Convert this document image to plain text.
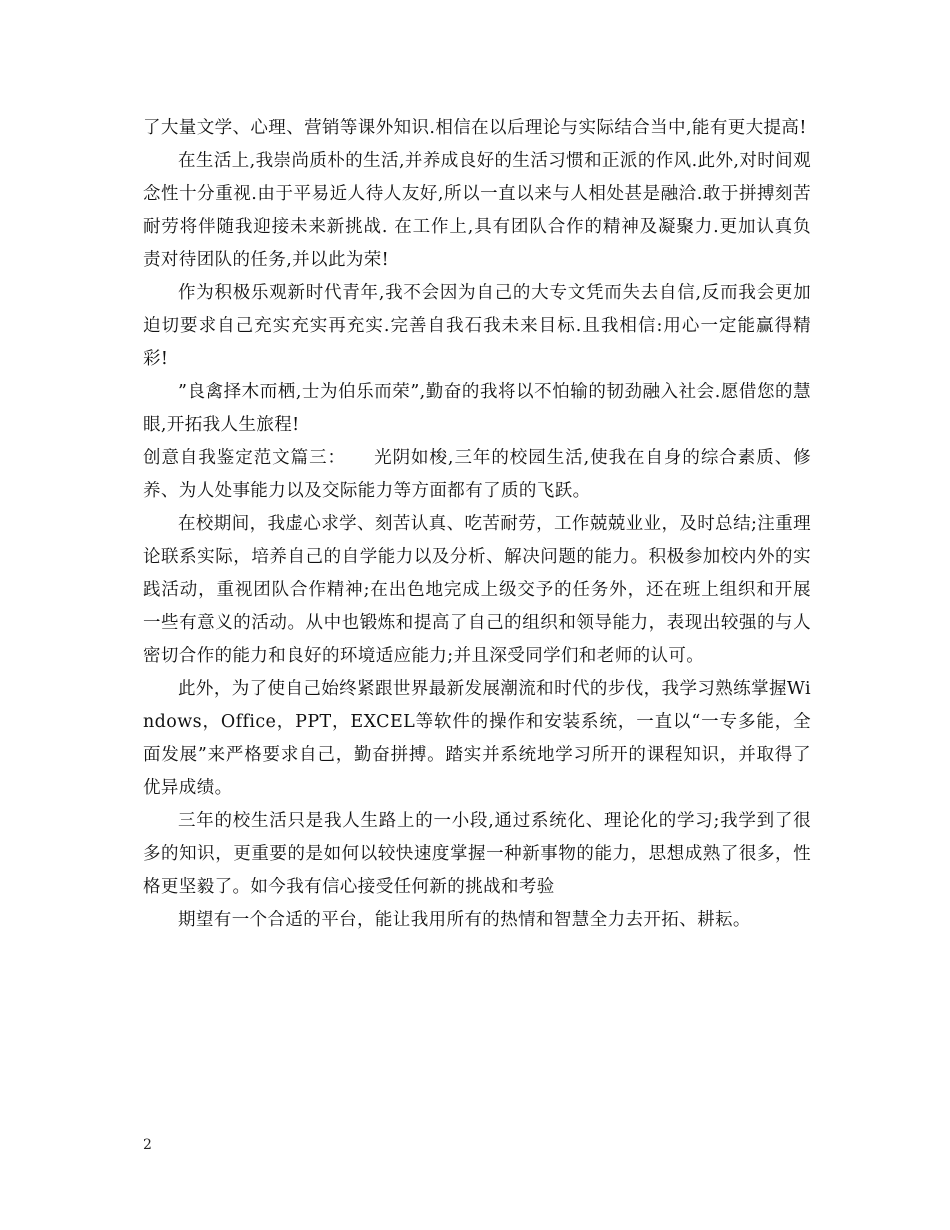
了大量文学、心理、营销等课外知识.相信在以后理论与实际结合当中,能有更大提高!

在生活上,我崇尚质朴的生活,并养成良好的生活习惯和正派的作风.此外,对时间观念性十分重视.由于平易近人待人友好,所以一直以来与人相处甚是融洽.敢于拼搏刻苦耐劳将伴随我迎接未来新挑战. 在工作上,具有团队合作的精神及凝聚力.更加认真负责对待团队的任务,并以此为荣!

作为积极乐观新时代青年,我不会因为自己的大专文凭而失去自信,反而我会更加迫切要求自己充实充实再充实.完善自我石我未来目标.且我相信:用心一定能赢得精彩!

”良禽择木而栖,士为伯乐而荣”,勤奋的我将以不怕输的韧劲融入社会.愿借您的慧眼,开拓我人生旅程!

创意自我鉴定范文篇三：　　光阴如梭,三年的校园生活,使我在自身的综合素质、修养、为人处事能力以及交际能力等方面都有了质的飞跃。

在校期间，我虚心求学、刻苦认真、吃苦耐劳，工作兢兢业业，及时总结;注重理论联系实际，培养自己的自学能力以及分析、解决问题的能力。积极参加校内外的实践活动，重视团队合作精神;在出色地完成上级交予的任务外，还在班上组织和开展一些有意义的活动。从中也锻炼和提高了自己的组织和领导能力，表现出较强的与人密切合作的能力和良好的环境适应能力;并且深受同学们和老师的认可。

此外，为了使自己始终紧跟世界最新发展潮流和时代的步伐，我学习熟练掌握Windows，Office，PPT，EXCEL等软件的操作和安装系统，一直以“一专多能，全面发展”来严格要求自己，勤奋拼搏。踏实并系统地学习所开的课程知识，并取得了优异成绩。

三年的校生活只是我人生路上的一小段,通过系统化、理论化的学习;我学到了很多的知识，更重要的是如何以较快速度掌握一种新事物的能力，思想成熟了很多，性格更坚毅了。如今我有信心接受任何新的挑战和考验

期望有一个合适的平台，能让我用所有的热情和智慧全力去开拓、耕耘。

2
